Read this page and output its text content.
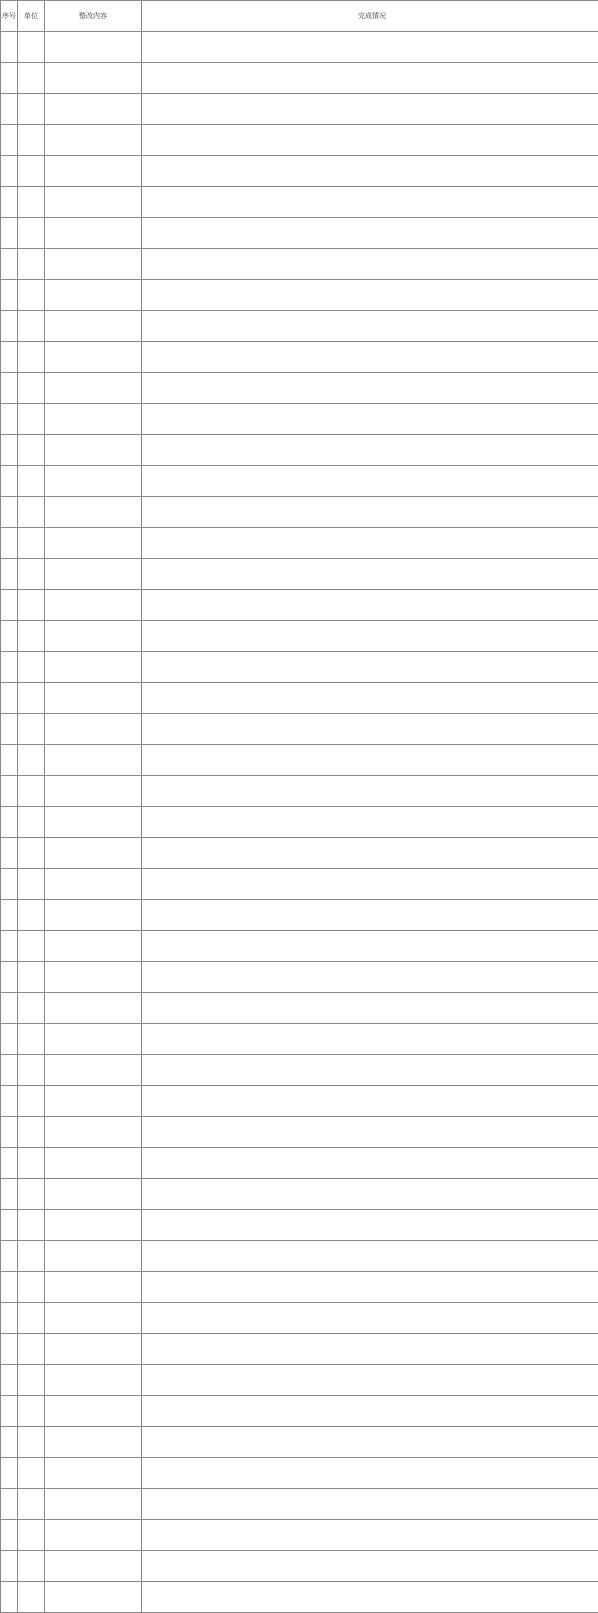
序号	单位	整改内容	完成情况
